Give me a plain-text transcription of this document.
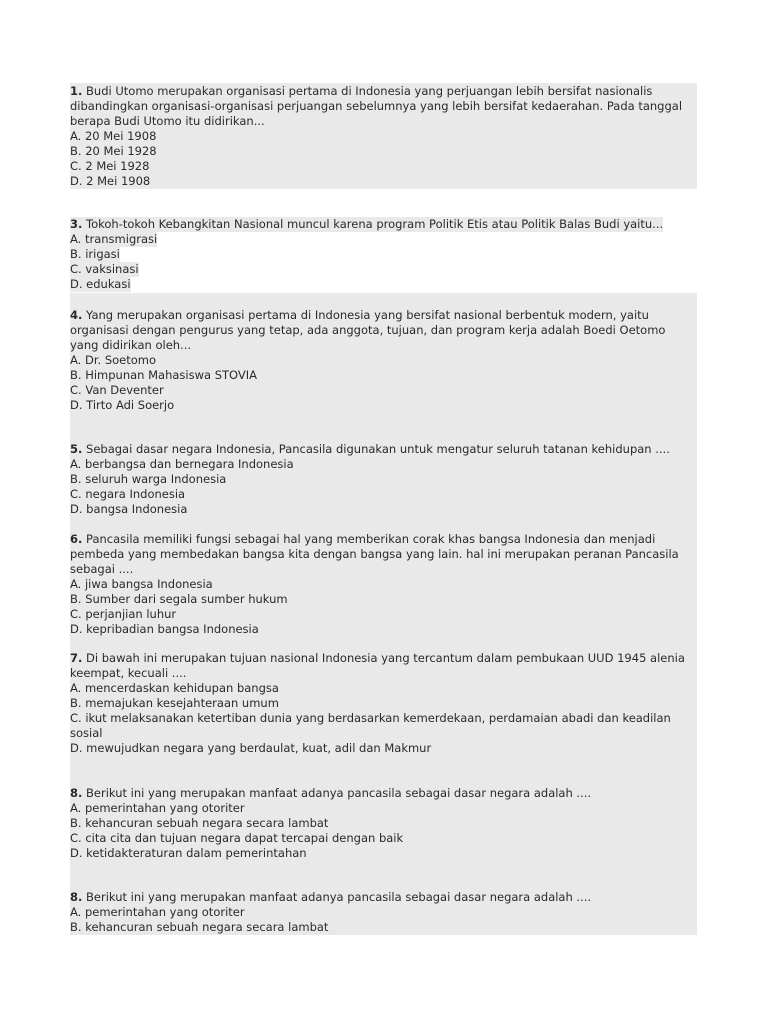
1. Budi Utomo merupakan organisasi pertama di Indonesia yang perjuangan lebih bersifat nasionalis

dibandingkan organisasi-organisasi perjuangan sebelumnya yang lebih bersifat kedaerahan. Pada tanggal

berapa Budi Utomo itu didirikan...

A. 20 Mei 1908

B. 20 Mei 1928

C. 2 Mei 1928

D. 2 Mei 1908

3. Tokoh-tokoh Kebangkitan Nasional muncul karena program Politik Etis atau Politik Balas Budi yaitu...

A. transmigrasi

B. irigasi

C. vaksinasi

D. edukasi

4. Yang merupakan organisasi pertama di Indonesia yang bersifat nasional berbentuk modern, yaitu

organisasi dengan pengurus yang tetap, ada anggota, tujuan, dan program kerja adalah Boedi Oetomo

yang didirikan oleh...

A. Dr. Soetomo

B. Himpunan Mahasiswa STOVIA

C. Van Deventer

D. Tirto Adi Soerjo

5. Sebagai dasar negara Indonesia, Pancasila digunakan untuk mengatur seluruh tatanan kehidupan ....

A. berbangsa dan bernegara Indonesia

B. seluruh warga Indonesia

C. negara Indonesia

D. bangsa Indonesia

6. Pancasila memiliki fungsi sebagai hal yang memberikan corak khas bangsa Indonesia dan menjadi

pembeda yang membedakan bangsa kita dengan bangsa yang lain. hal ini merupakan peranan Pancasila

sebagai ....

A. jiwa bangsa Indonesia

B. Sumber dari segala sumber hukum

C. perjanjian luhur

D. kepribadian bangsa Indonesia

7. Di bawah ini merupakan tujuan nasional Indonesia yang tercantum dalam pembukaan UUD 1945 alenia

keempat, kecuali ....

A. mencerdaskan kehidupan bangsa

B. memajukan kesejahteraan umum

C. ikut melaksanakan ketertiban dunia yang berdasarkan kemerdekaan, perdamaian abadi dan keadilan

sosial

D. mewujudkan negara yang berdaulat, kuat, adil dan Makmur

8. Berikut ini yang merupakan manfaat adanya pancasila sebagai dasar negara adalah ....

A. pemerintahan yang otoriter

B. kehancuran sebuah negara secara lambat

C. cita cita dan tujuan negara dapat tercapai dengan baik

D. ketidakteraturan dalam pemerintahan

8. Berikut ini yang merupakan manfaat adanya pancasila sebagai dasar negara adalah ....

A. pemerintahan yang otoriter

B. kehancuran sebuah negara secara lambat
